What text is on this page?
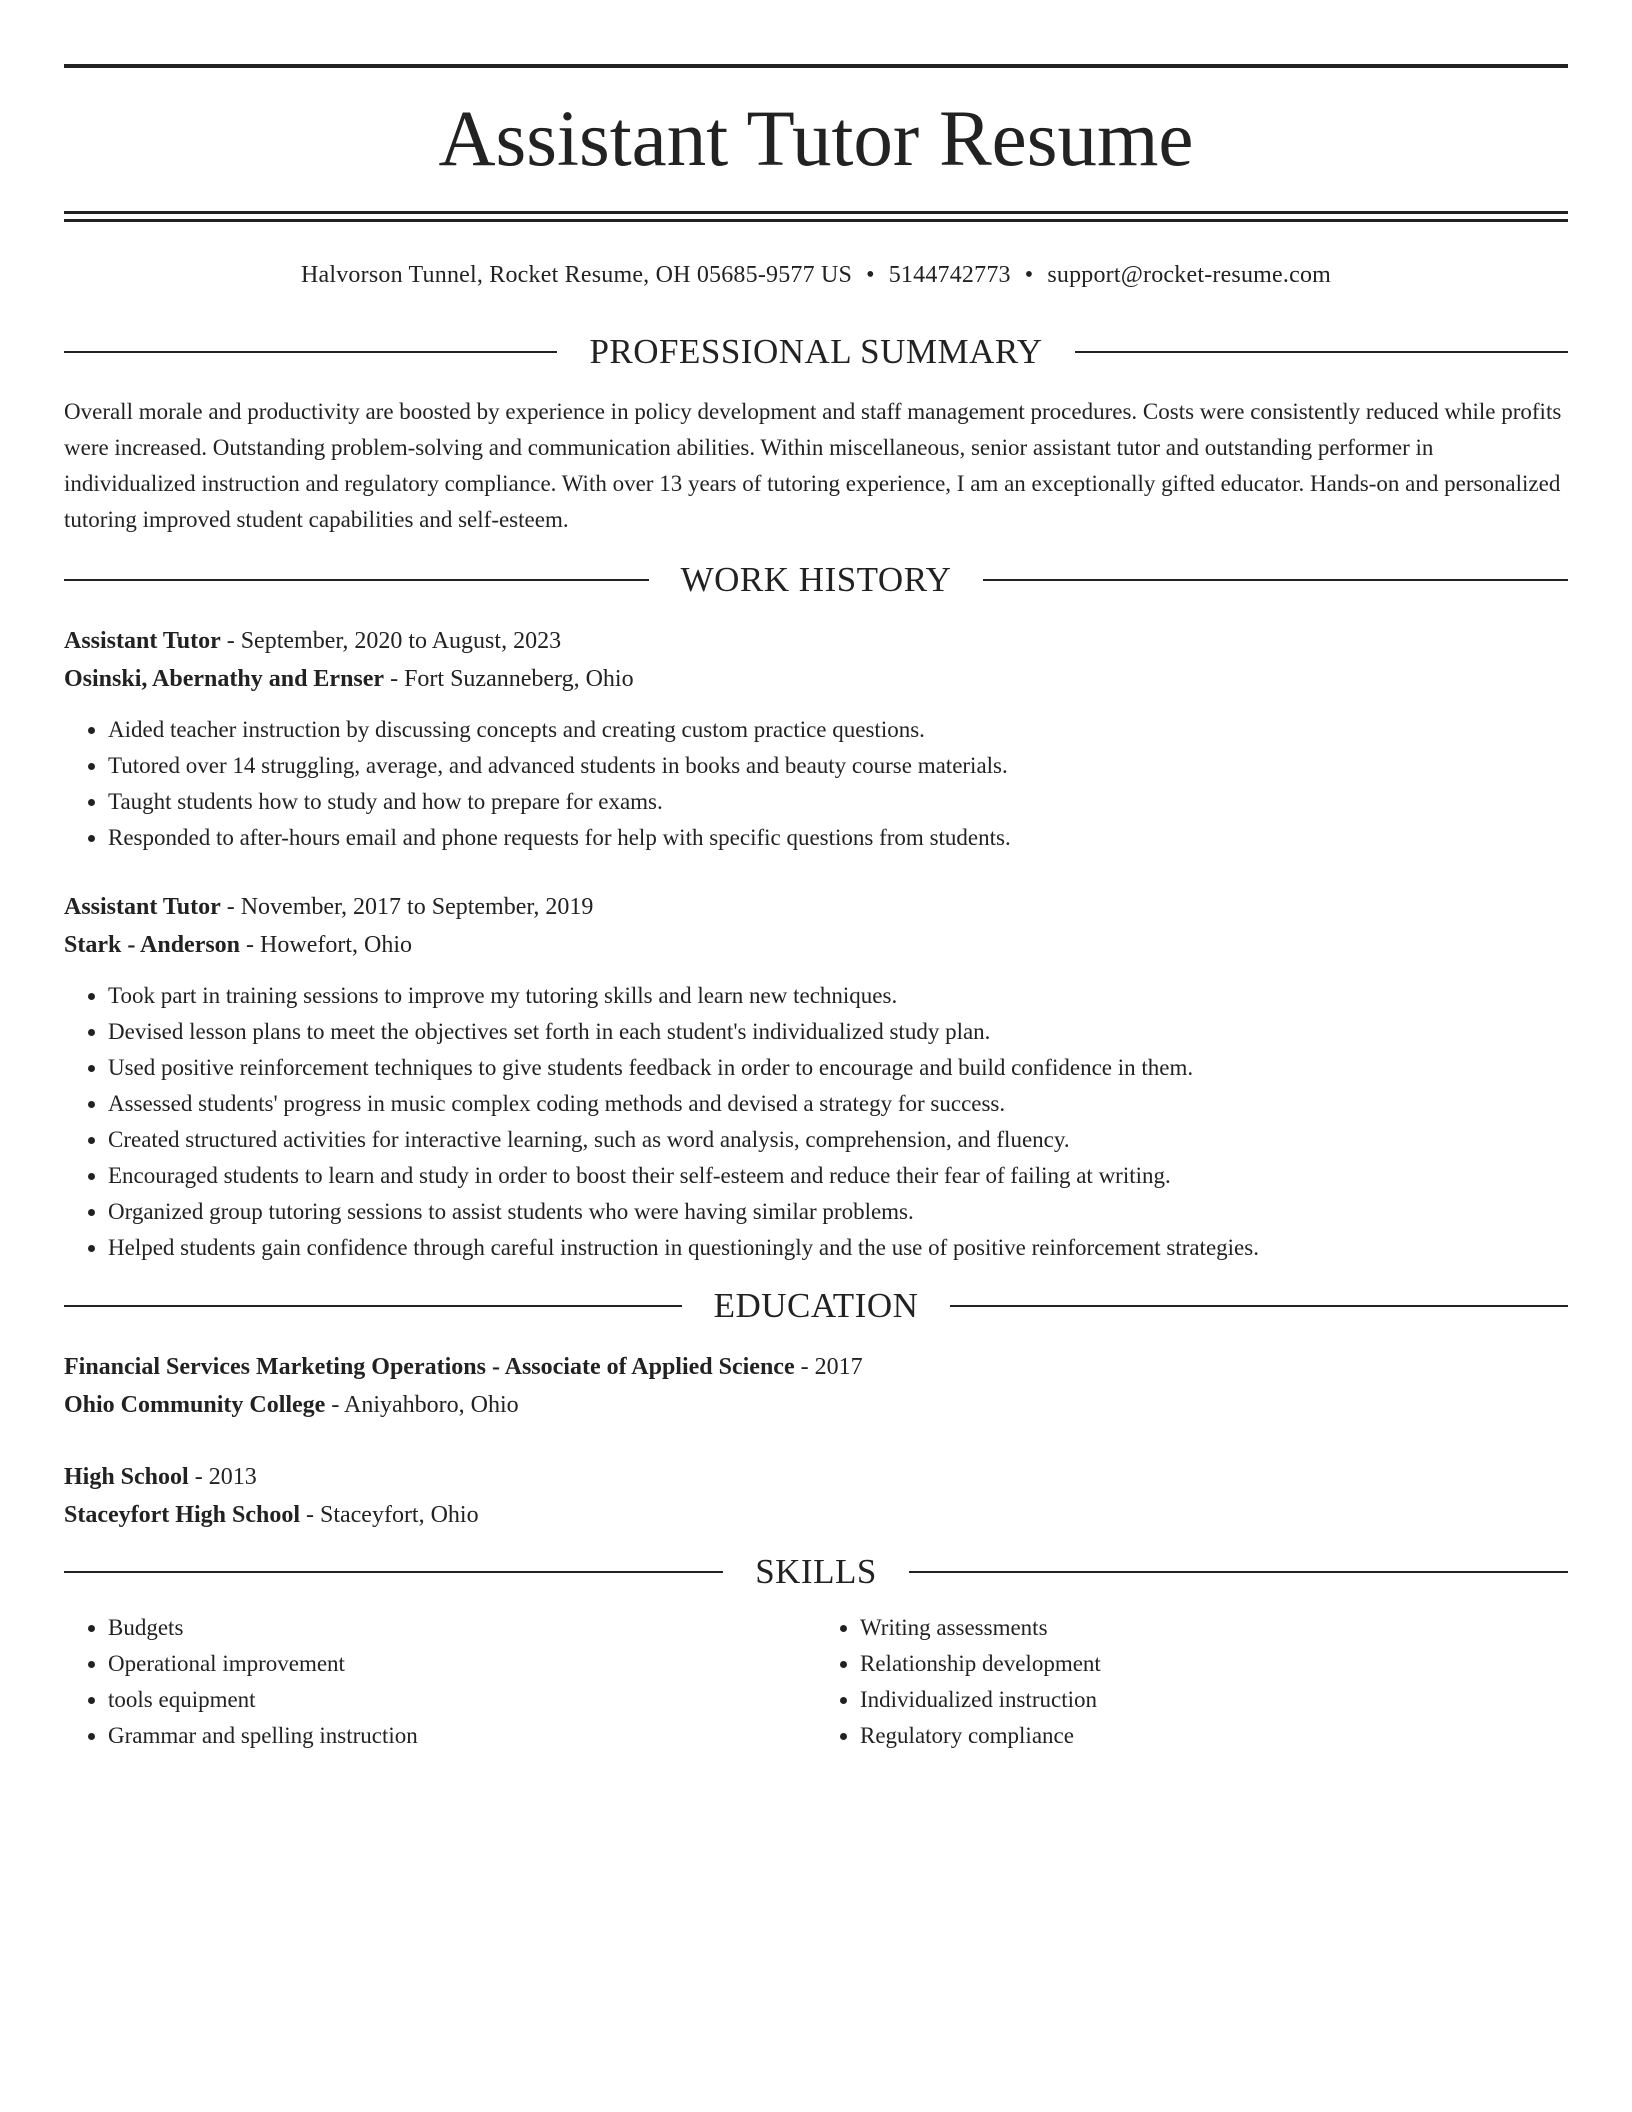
Assistant Tutor Resume
Halvorson Tunnel, Rocket Resume, OH 05685-9577 US • 5144742773 • support@rocket-resume.com
PROFESSIONAL SUMMARY

Overall morale and productivity are boosted by experience in policy development and staff management procedures. Costs were consistently reduced while profits were increased. Outstanding problem-solving and communication abilities. Within miscellaneous, senior assistant tutor and outstanding performer in individualized instruction and regulatory compliance. With over 13 years of tutoring experience, I am an exceptionally gifted educator. Hands-on and personalized tutoring improved student capabilities and self-esteem.

WORK HISTORY
Assistant Tutor - September, 2020 to August, 2023
Osinski, Abernathy and Ernser - Fort Suzanneberg, Ohio
• Aided teacher instruction by discussing concepts and creating custom practice questions.
• Tutored over 14 struggling, average, and advanced students in books and beauty course materials.
• Taught students how to study and how to prepare for exams.
• Responded to after-hours email and phone requests for help with specific questions from students.
Assistant Tutor - November, 2017 to September, 2019
Stark - Anderson - Howefort, Ohio
• Took part in training sessions to improve my tutoring skills and learn new techniques.
• Devised lesson plans to meet the objectives set forth in each student's individualized study plan.
• Used positive reinforcement techniques to give students feedback in order to encourage and build confidence in them.
• Assessed students' progress in music complex coding methods and devised a strategy for success.
• Created structured activities for interactive learning, such as word analysis, comprehension, and fluency.
• Encouraged students to learn and study in order to boost their self-esteem and reduce their fear of failing at writing.
• Organized group tutoring sessions to assist students who were having similar problems.
• Helped students gain confidence through careful instruction in questioningly and the use of positive reinforcement strategies.
EDUCATION
Financial Services Marketing Operations - Associate of Applied Science - 2017
Ohio Community College - Aniyahboro, Ohio
High School - 2013
Staceyfort High School - Staceyfort, Ohio
SKILLS
• Budgets
• Operational improvement
• tools equipment
• Grammar and spelling instruction
• Writing assessments
• Relationship development
• Individualized instruction
• Regulatory compliance
